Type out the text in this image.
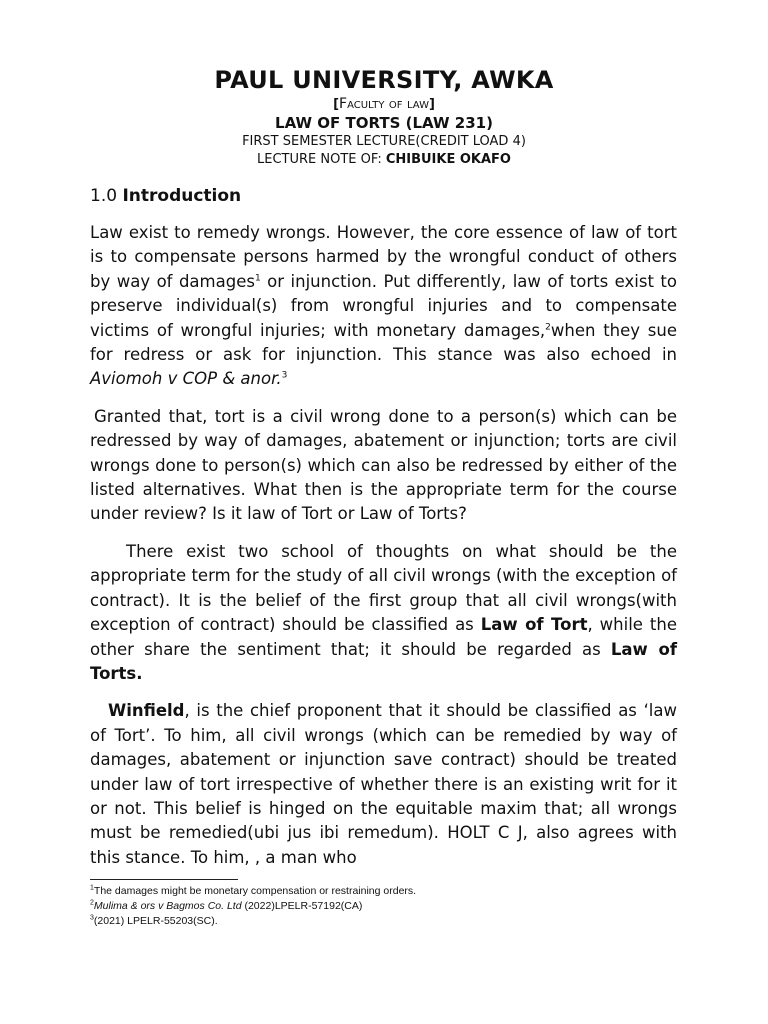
PAUL UNIVERSITY, AWKA
[Faculty of law]
LAW OF TORTS (LAW 231)
FIRST SEMESTER LECTURE(CREDIT LOAD 4)
LECTURE NOTE OF: CHIBUIKE OKAFO
1.0 Introduction

Law exist to remedy wrongs. However, the core essence of law of tort is to compensate persons harmed by the wrongful conduct of others by way of damages$^1$ or injunction. Put differently, law of torts exist to preserve individual(s) from wrongful injuries and to compensate victims of wrongful injuries; with monetary damages,$^2$when they sue for redress or ask for injunction. This stance was also echoed in Aviomoh v COP & anor.$^3$

Granted that, tort is a civil wrong done to a person(s) which can be redressed by way of damages, abatement or injunction; torts are civil wrongs done to person(s) which can also be redressed by either of the listed alternatives. What then is the appropriate term for the course under review? Is it law of Tort or Law of Torts?

There exist two school of thoughts on what should be the appropriate term for the study of all civil wrongs (with the exception of contract). It is the belief of the first group that all civil wrongs(with exception of contract) should be classified as Law of Tort, while the other share the sentiment that; it should be regarded as Law of Torts.

Winfield, is the chief proponent that it should be classified as ‘law of Tort’. To him, all civil wrongs (which can be remedied by way of damages, abatement or injunction save contract) should be treated under law of tort irrespective of whether there is an existing writ for it or not. This belief is hinged on the equitable maxim that; all wrongs must be remedied(ubi jus ibi remedum). HOLT C J, also agrees with this stance. To him, , a man who

$^1$The damages might be monetary compensation or restraining orders.
$^2$Mulima & ors v Bagmos Co. Ltd (2022)LPELR-57192(CA)
$^3$(2021) LPELR-55203(SC).
